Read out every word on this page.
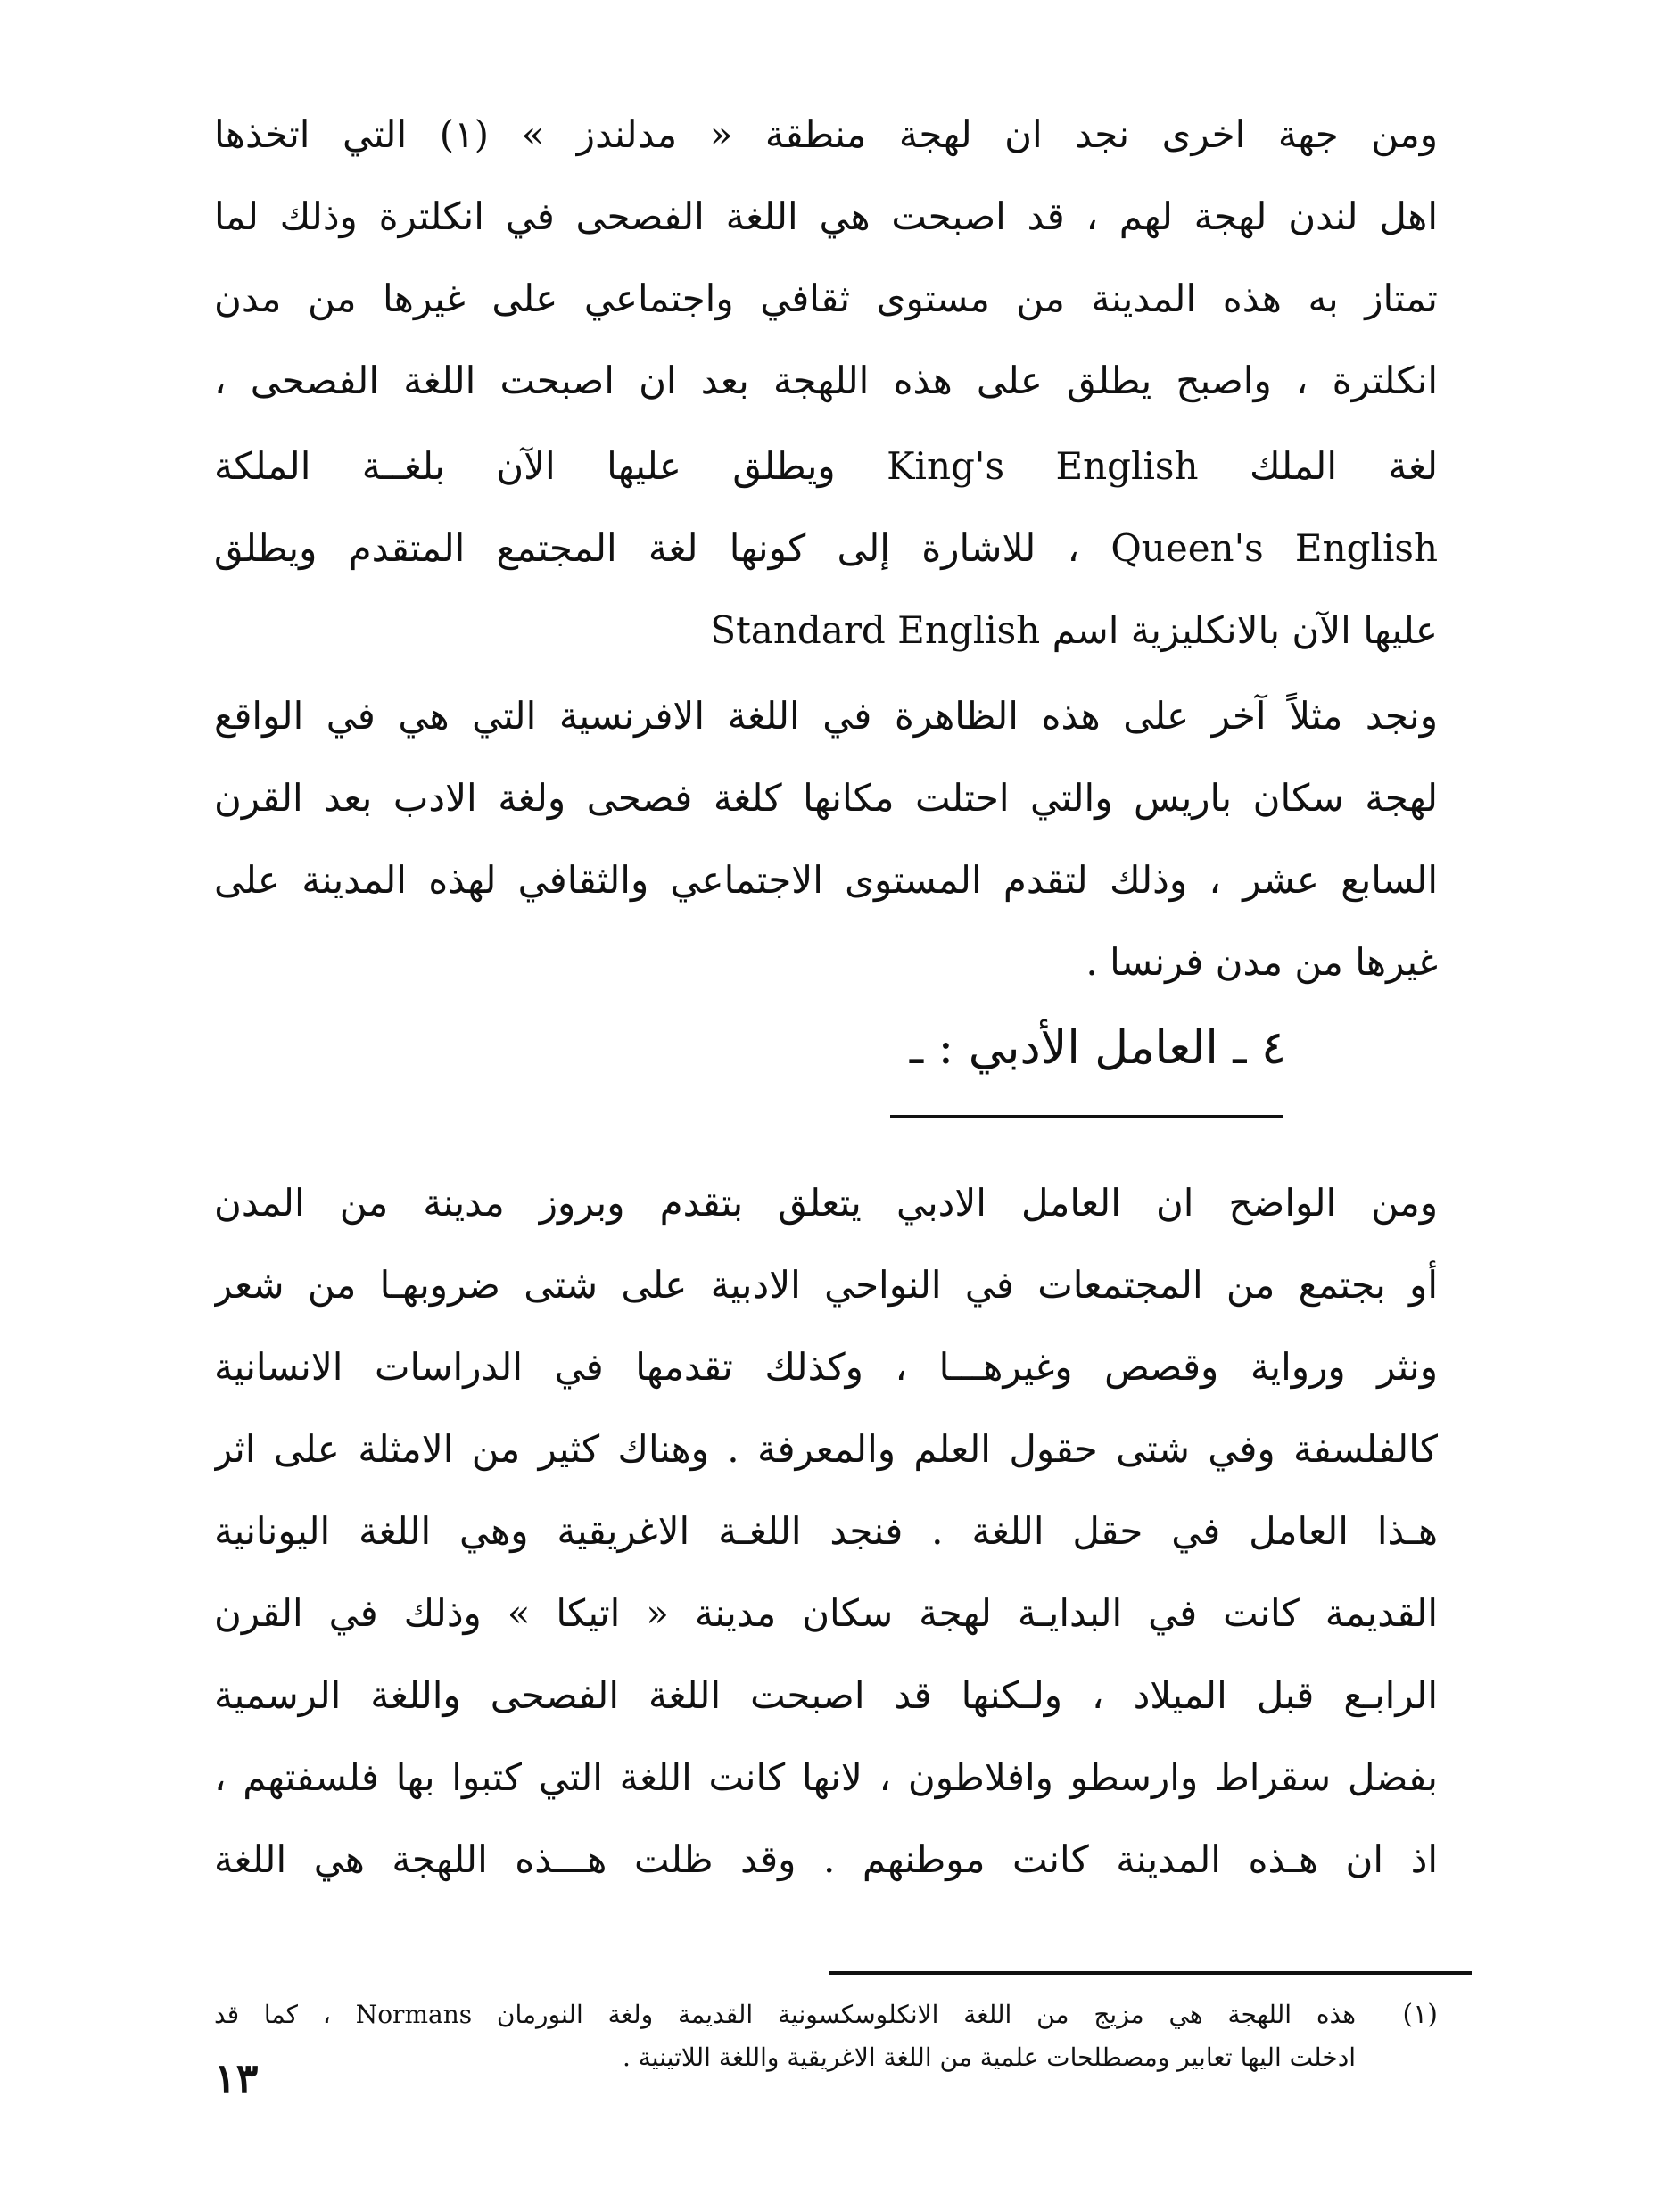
ومن جهة اخرى نجد ان لهجة منطقة « مدلندز » (١) التي اتخذها
اهل لندن لهجة لهم ، قد اصبحت هي اللغة الفصحى في انكلترة وذلك لما
تمتاز به هذه المدينة من مستوى ثقافي واجتماعي على غيرها من مدن
انكلترة ، واصبح يطلق على هذه اللهجة بعد ان اصبحت اللغة الفصحى ،
لغة الملك King's English ويطلق عليها الآن بلغــة الملكة
Queen's English ، للاشارة إلى كونها لغة المجتمع المتقدم ويطلق
عليها الآن بالانكليزية اسم Standard English
ونجد مثلاً آخر على هذه الظاهرة في اللغة الافرنسية التي هي في الواقع
لهجة سكان باريس والتي احتلت مكانها كلغة فصحى ولغة الادب بعد القرن
السابع عشر ، وذلك لتقدم المستوى الاجتماعي والثقافي لهذه المدينة على
غيرها من مدن فرنسا .
٤ ـ العامل الأدبي : ـ
ومن الواضح ان العامل الادبي يتعلق بتقدم وبروز مدينة من المدن
أو بجتمع من المجتمعات في النواحي الادبية على شتى ضروبهـا من شعر
ونثر ورواية وقصص وغيرهـــا ، وكذلك تقدمها في الدراسات الانسانية
كالفلسفة وفي شتى حقول العلم والمعرفة . وهناك كثير من الامثلة على اثر
هـذا العامل في حقل اللغة . فنجد اللغـة الاغريقية وهي اللغة اليونانية
القديمة كانت في البدايـة لهجة سكان مدينة « اتيكا » وذلك في القرن
الرابـع قبل الميلاد ، ولـكنها قد اصبحت اللغة الفصحى واللغة الرسمية
بفضل سقراط وارسطو وافلاطون ، لانها كانت اللغة التي كتبوا بها فلسفتهم ،
اذ ان هـذه المدينة كانت موطنهم . وقد ظلت هـــذه اللهجة هي اللغة
(١)
هذه اللهجة هي مزيج من اللغة الانكلوسكسونية القديمة ولغة النورمان Normans ، كما قد
ادخلت اليها تعابير ومصطلحات علمية من اللغة الاغريقية واللغة اللاتينية .
١٣
